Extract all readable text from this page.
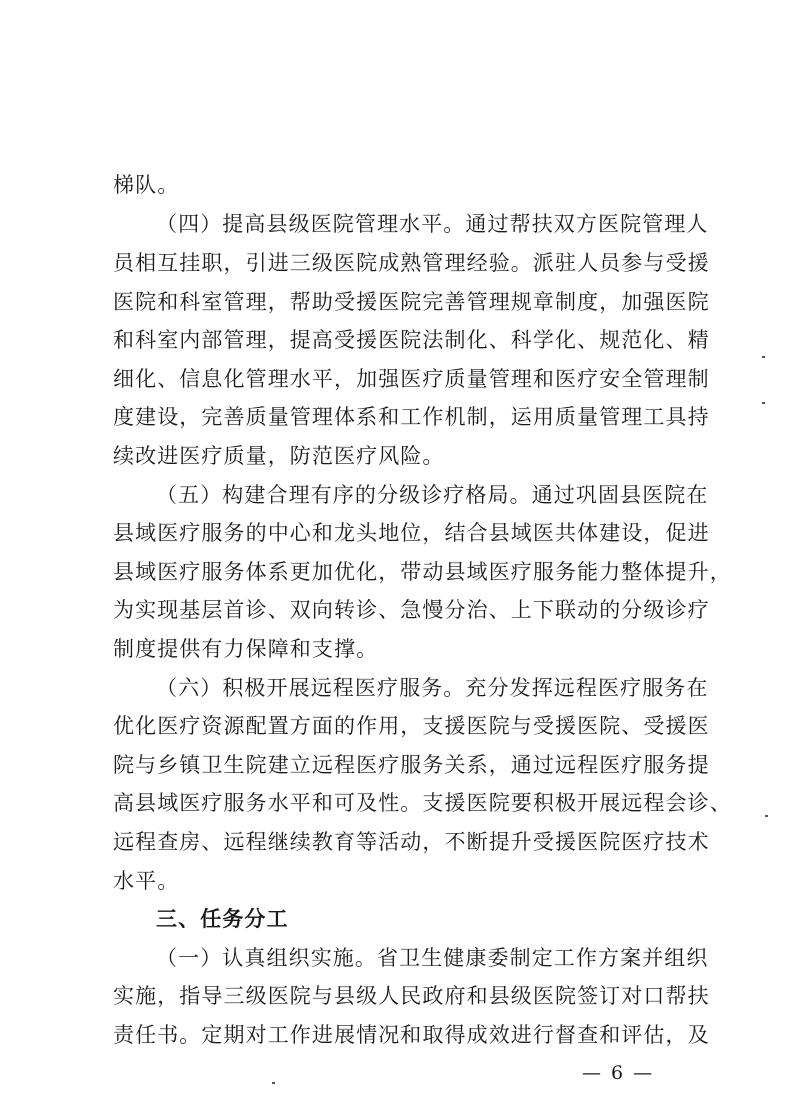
梯队。
（四）提高县级医院管理水平。通过帮扶双方医院管理人
员相互挂职，引进三级医院成熟管理经验。派驻人员参与受援
医院和科室管理，帮助受援医院完善管理规章制度，加强医院
和科室内部管理，提高受援医院法制化、科学化、规范化、精
细化、信息化管理水平，加强医疗质量管理和医疗安全管理制
度建设，完善质量管理体系和工作机制，运用质量管理工具持
续改进医疗质量，防范医疗风险。
（五）构建合理有序的分级诊疗格局。通过巩固县医院在
县域医疗服务的中心和龙头地位，结合县域医共体建设，促进
县域医疗服务体系更加优化，带动县域医疗服务能力整体提升，
为实现基层首诊、双向转诊、急慢分治、上下联动的分级诊疗
制度提供有力保障和支撑。
（六）积极开展远程医疗服务。充分发挥远程医疗服务在
优化医疗资源配置方面的作用，支援医院与受援医院、受援医
院与乡镇卫生院建立远程医疗服务关系，通过远程医疗服务提
高县域医疗服务水平和可及性。支援医院要积极开展远程会诊、
远程查房、远程继续教育等活动，不断提升受援医院医疗技术
水平。
三、任务分工
（一）认真组织实施。省卫生健康委制定工作方案并组织
实施，指导三级医院与县级人民政府和县级医院签订对口帮扶
责任书。定期对工作进展情况和取得成效进行督查和评估，及
— 6 —
